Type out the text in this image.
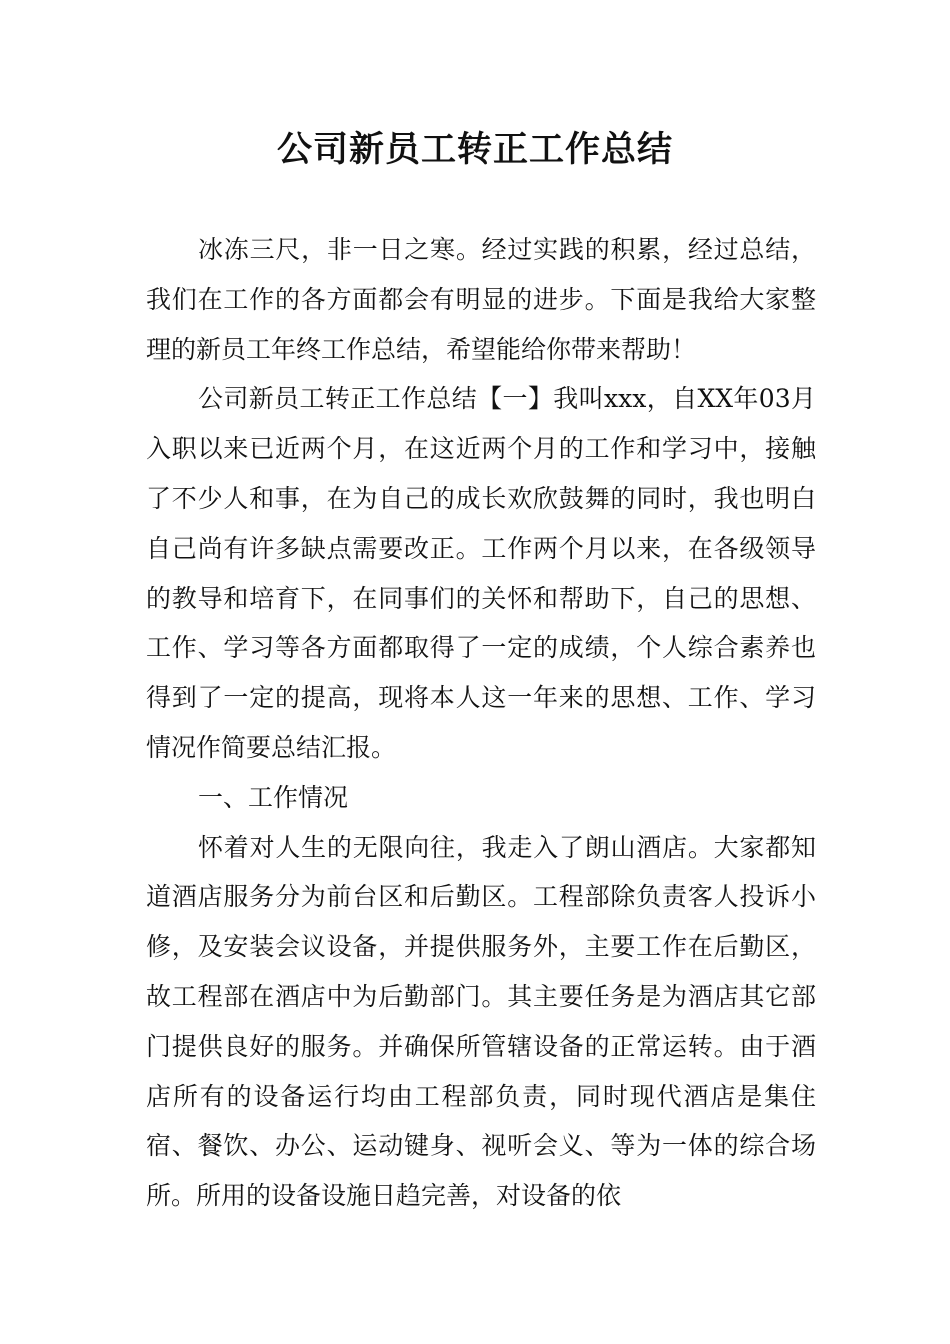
公司新员工转正工作总结

冰冻三尺，非一日之寒。经过实践的积累，经过总结，我们在工作的各方面都会有明显的进步。下面是我给大家整理的新员工年终工作总结，希望能给你带来帮助！

公司新员工转正工作总结【一】我叫xxx，自XX年03月入职以来已近两个月，在这近两个月的工作和学习中，接触了不少人和事，在为自己的成长欢欣鼓舞的同时，我也明白自己尚有许多缺点需要改正。工作两个月以来，在各级领导的教导和培育下，在同事们的关怀和帮助下，自己的思想、工作、学习等各方面都取得了一定的成绩，个人综合素养也得到了一定的提高，现将本人这一年来的思想、工作、学习情况作简要总结汇报。

一、工作情况

怀着对人生的无限向往，我走入了朗山酒店。大家都知道酒店服务分为前台区和后勤区。工程部除负责客人投诉小修，及安装会议设备，并提供服务外，主要工作在后勤区，故工程部在酒店中为后勤部门。其主要任务是为酒店其它部门提供良好的服务。并确保所管辖设备的正常运转。由于酒店所有的设备运行均由工程部负责，同时现代酒店是集住宿、餐饮、办公、运动键身、视听会义、等为一体的综合场所。所用的设备设施日趋完善，对设备的依
